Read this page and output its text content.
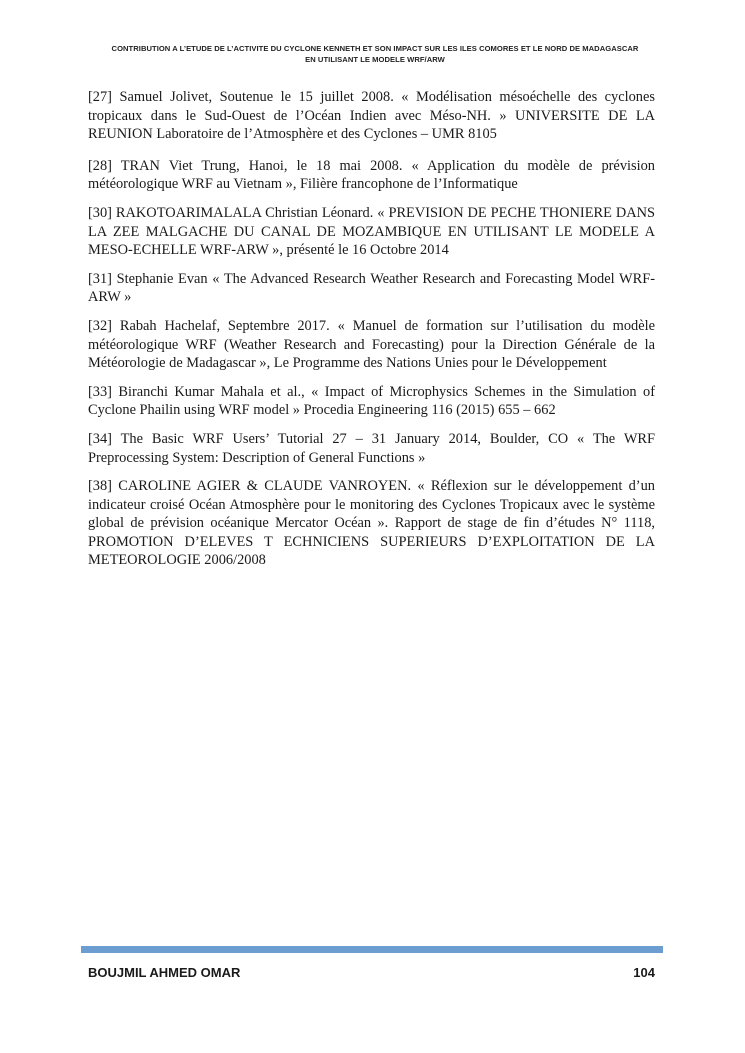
CONTRIBUTION A L’ETUDE DE L’ACTIVITE DU CYCLONE KENNETH ET SON IMPACT SUR LES ILES COMORES ET LE NORD DE MADAGASCAR
EN UTILISANT LE MODELE WRF/ARW

[27] Samuel Jolivet, Soutenue le 15 juillet 2008. « Modélisation mésoéchelle des cyclones tropicaux dans le Sud-Ouest de l’Océan Indien avec Méso-NH. » UNIVERSITE DE LA REUNION Laboratoire de l’Atmosphère et des Cyclones – UMR 8105

[28] TRAN Viet Trung, Hanoi, le 18 mai 2008. « Application du modèle de prévision météorologique WRF au Vietnam », Filière francophone de l’Informatique

[30] RAKOTOARIMALALA Christian Léonard. « PREVISION DE PECHE THONIERE DANS LA ZEE MALGACHE DU CANAL DE MOZAMBIQUE EN UTILISANT LE MODELE A MESO-ECHELLE WRF-ARW », présenté le 16 Octobre 2014

[31] Stephanie Evan « The Advanced Research Weather Research and Forecasting Model WRF-ARW »

[32] Rabah Hachelaf, Septembre 2017. « Manuel de formation sur l’utilisation du modèle météorologique WRF (Weather Research and Forecasting) pour la Direction Générale de la Météorologie de Madagascar », Le Programme des Nations Unies pour le Développement

[33] Biranchi Kumar Mahala et al., « Impact of Microphysics Schemes in the Simulation of Cyclone Phailin using WRF model » Procedia Engineering 116 (2015) 655 – 662

[34] The Basic WRF Users’ Tutorial 27 – 31 January 2014, Boulder, CO « The WRF Preprocessing System: Description of General Functions »

[38] CAROLINE AGIER & CLAUDE VANROYEN. « Réflexion sur le développement d’un indicateur croisé Océan Atmosphère pour le monitoring des Cyclones Tropicaux avec le système global de prévision océanique Mercator Océan ». Rapport de stage de fin d’études N° 1118, PROMOTION D’ELEVES T ECHNICIENS SUPERIEURS D’EXPLOITATION DE LA METEOROLOGIE 2006/2008

BOUJMIL AHMED OMAR	104
